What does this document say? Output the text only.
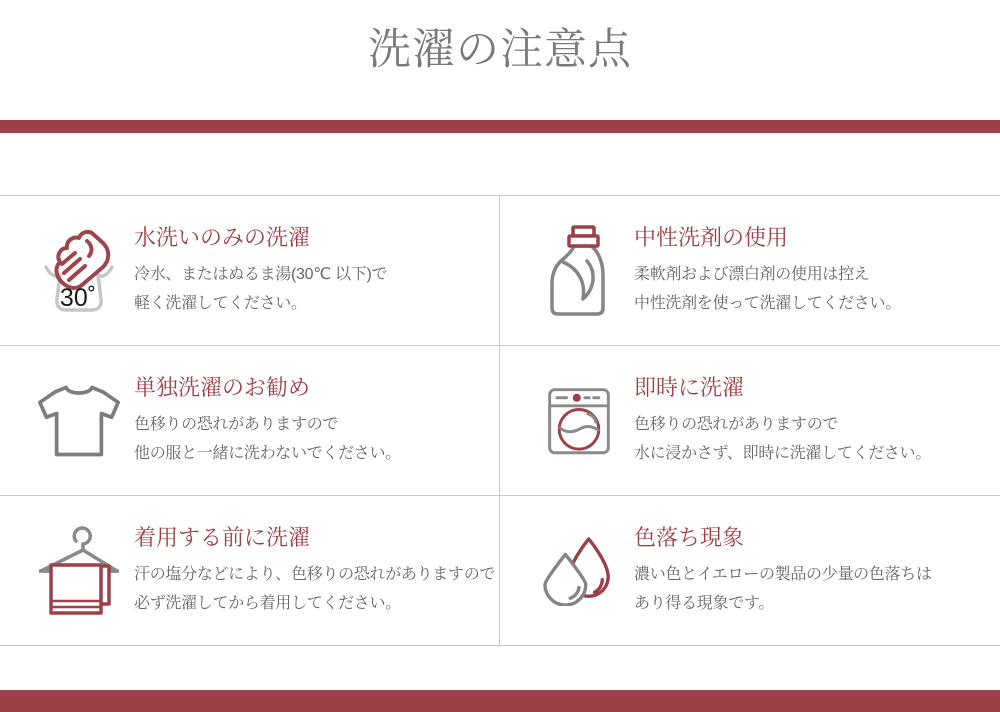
洗濯の注意点
30˚
水洗いのみの洗濯
冷水、またはぬるま湯(30℃ 以下)で
軽く洗濯してください。
中性洗剤の使用
柔軟剤および漂白剤の使用は控え
中性洗剤を使って洗濯してください。
単独洗濯のお勧め
色移りの恐れがありますので
他の服と一緒に洗わないでください。
即時に洗濯
色移りの恐れがありますので
水に浸かさず、即時に洗濯してください。
着用する前に洗濯
汗の塩分などにより、色移りの恐れがありますので
必ず洗濯してから着用してください。
色落ち現象
濃い色とイエローの製品の少量の色落ちは
あり得る現象です。
